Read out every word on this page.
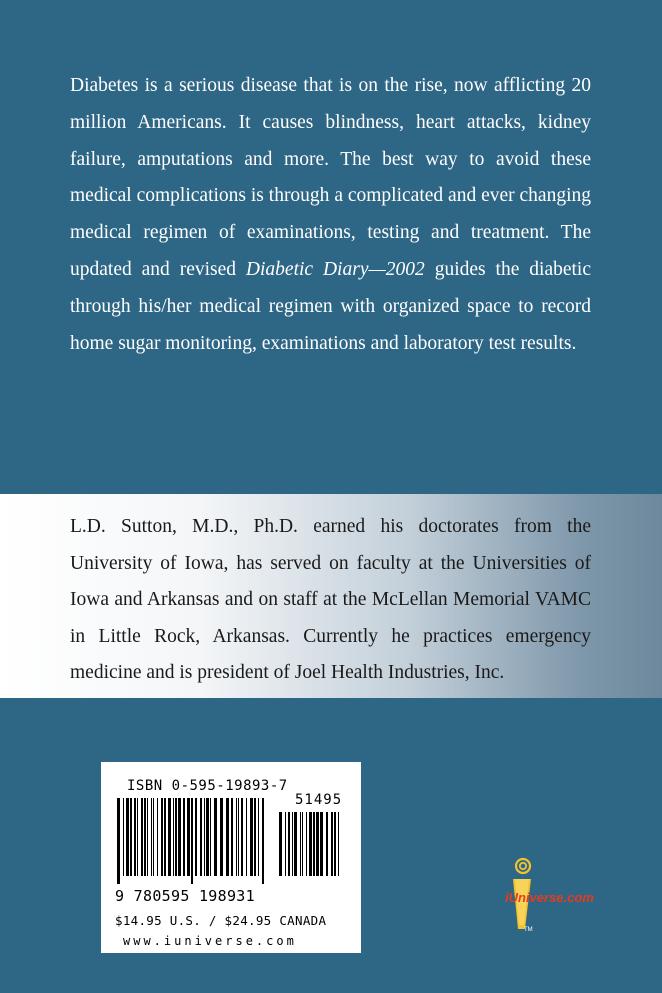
Diabetes is a serious disease that is on the rise, now afflicting 20 million Americans. It causes blindness, heart attacks, kidney failure, amputations and more. The best way to avoid these medical complications is through a complicated and ever changing medical regimen of examinations, testing and treatment. The updated and revised Diabetic Diary—2002 guides the diabetic through his/her medical regimen with organized space to record home sugar monitoring, examinations and laboratory test results.
L.D. Sutton, M.D., Ph.D. earned his doctorates from the University of Iowa, has served on faculty at the Universities of Iowa and Arkansas and on staff at the McLellan Memorial VAMC in Little Rock, Arkansas. Currently he practices emergency medicine and is president of Joel Health Industries, Inc.
ISBN 0-595-19893-7
51495
9 780595 198931
$14.95 U.S. / $24.95 CANADA
www.iuniverse.com
iUniverse.com
TM
